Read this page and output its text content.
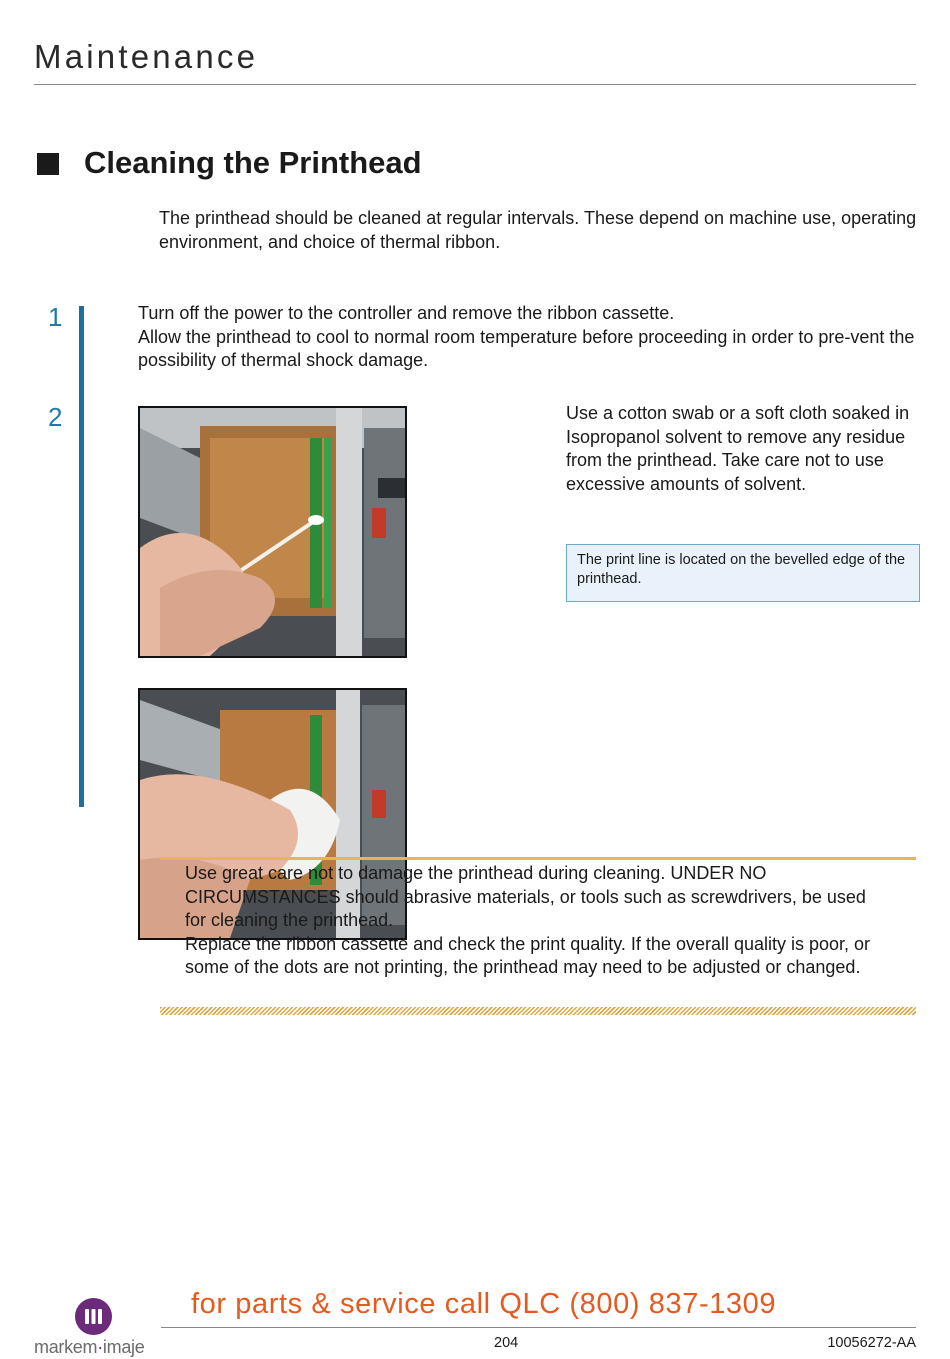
Maintenance
Cleaning the Printhead

The printhead should be cleaned at regular intervals. These depend on machine use, operating environment, and choice of thermal ribbon.

1
2

Turn off the power to the controller and remove the ribbon cassette.

Allow the printhead to cool to normal room temperature before proceeding in order to pre-vent the possibility of thermal shock damage.

Use a cotton swab or a soft cloth soaked in Isopropanol solvent to remove any residue from the printhead. Take care not to use excessive amounts of solvent.
The print line is located on the bevelled edge of the printhead.

Use great care not to damage the printhead during cleaning. UNDER NO CIRCUMSTANCES should abrasive materials, or tools such as screwdrivers, be used for cleaning the printhead.

Replace the ribbon cassette and check the print quality. If the overall quality is poor, or some of the dots are not printing, the printhead may need to be adjusted or changed.

for parts & service call QLC (800) 837-1309
204	10056272-AA
markem·imaje
